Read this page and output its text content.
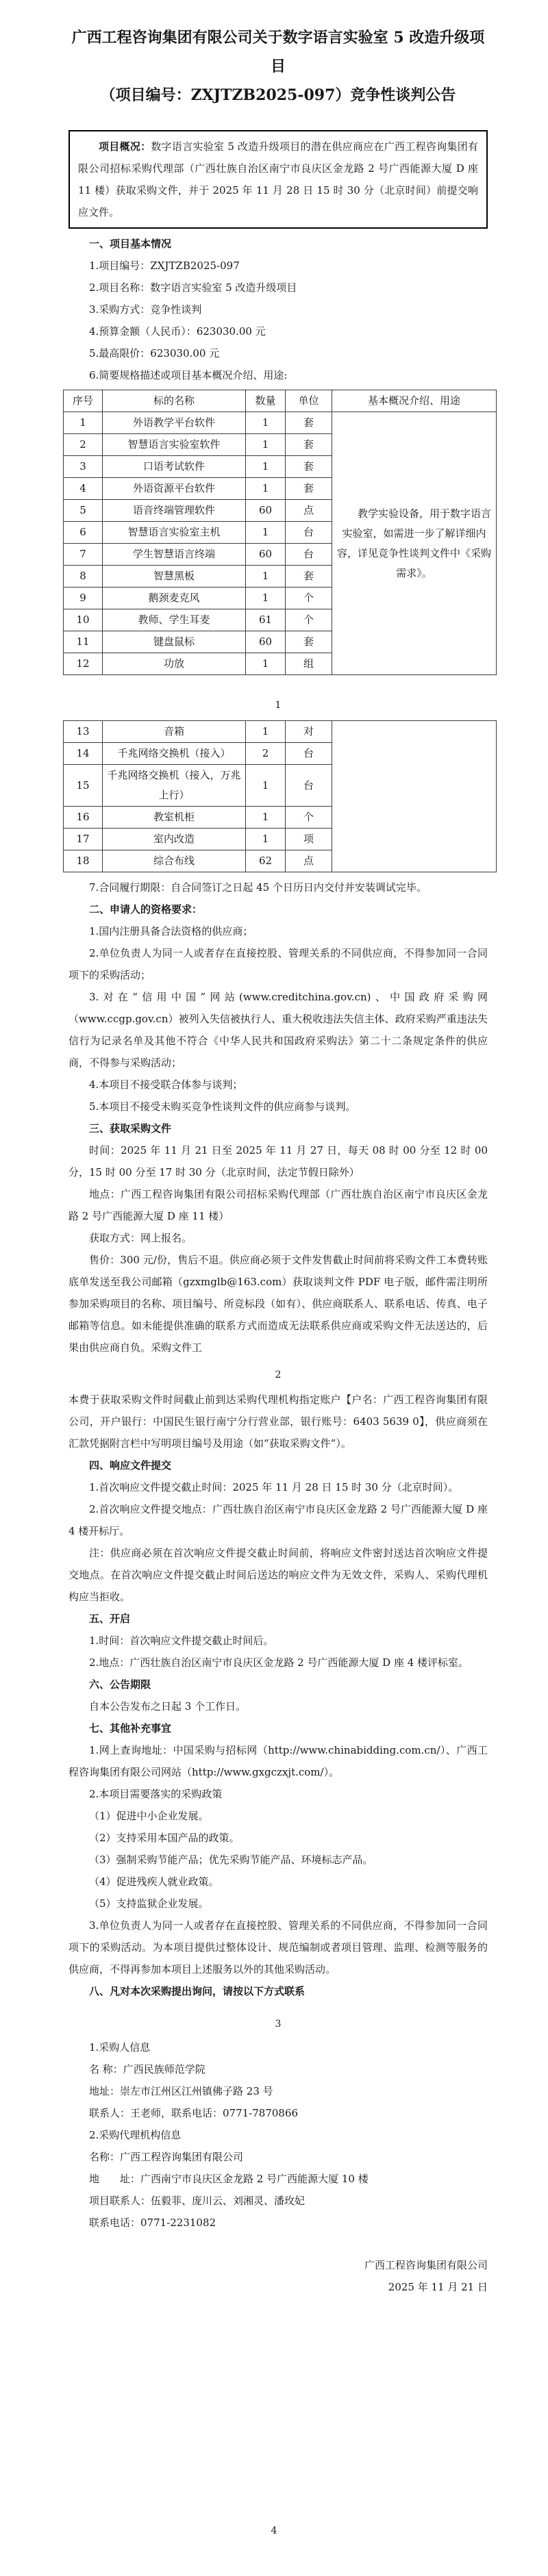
广西工程咨询集团有限公司关于数字语言实验室 5 改造升级项目
（项目编号：ZXJTZB2025-097）竞争性谈判公告

项目概况：数字语言实验室 5 改造升级项目的潜在供应商应在广西工程咨询集团有限公司招标采购代理部（广西壮族自治区南宁市良庆区金龙路 2 号广西能源大厦 D 座 11 楼）获取采购文件，并于 2025 年 11 月 28 日 15 时 30 分（北京时间）前提交响应文件。

一、项目基本情况

1.项目编号：ZXJTZB2025-097

2.项目名称：数字语言实验室 5 改造升级项目

3.采购方式：竞争性谈判

4.预算金额（人民币）：623030.00 元

5.最高限价：623030.00 元

6.简要规格描述或项目基本概况介绍、用途:

序号	标的名称	数量	单位	基本概况介绍、用途
1	外语教学平台软件	1	套	教学实验设备，用于数字语言实验室，如需进一步了解详细内容，详见竞争性谈判文件中《采购需求》。
2	智慧语言实验室软件	1	套	
3	口语考试软件	1	套	
4	外语资源平台软件	1	套	
5	语音终端管理软件	60	点	
6	智慧语言实验室主机	1	台	
7	学生智慧语言终端	60	台	
8	智慧黑板	1	套	
9	鹅颈麦克风	1	个	
10	教师、学生耳麦	61	个	
11	键盘鼠标	60	套	
12	功放	1	组	

1

13	音箱	1	对	
14	千兆网络交换机（接入）	2	台	
15	千兆网络交换机（接入，万兆上行）	1	台	
16	教室机柜	1	个	
17	室内改造	1	项	
18	综合布线	62	点	

7.合同履行期限：自合同签订之日起 45 个日历日内交付并安装调试完毕。

二、申请人的资格要求：

1.国内注册具备合法资格的供应商；

2.单位负责人为同一人或者存在直接控股、管理关系的不同供应商，不得参加同一合同项下的采购活动；

3.对在“信用中国”网站(www.creditchina.gov.cn)、中国政府采购网（www.ccgp.gov.cn）被列入失信被执行人、重大税收违法失信主体、政府采购严重违法失信行为记录名单及其他不符合《中华人民共和国政府采购法》第二十二条规定条件的供应商，不得参与采购活动；

4.本项目不接受联合体参与谈判；

5.本项目不接受未购买竞争性谈判文件的供应商参与谈判。

三、获取采购文件

时间：2025 年 11 月 21 日至 2025 年 11 月 27 日，每天 08 时 00 分至 12 时 00 分，15 时 00 分至 17 时 30 分（北京时间，法定节假日除外）

地点：广西工程咨询集团有限公司招标采购代理部（广西壮族自治区南宁市良庆区金龙路 2 号广西能源大厦 D 座 11 楼）

获取方式：网上报名。

售价：300 元/份，售后不退。供应商必须于文件发售截止时间前将采购文件工本费转账底单发送至我公司邮箱（gzxmglb@163.com）获取谈判文件 PDF 电子版，邮件需注明所参加采购项目的名称、项目编号、所竞标段（如有）、供应商联系人、联系电话、传真、电子邮箱等信息。如未能提供准确的联系方式而造成无法联系供应商或采购文件无法送达的，后果由供应商自负。采购文件工

2

本费于获取采购文件时间截止前到达采购代理机构指定账户【户名：广西工程咨询集团有限公司，开户银行：中国民生银行南宁分行营业部，银行账号：6403 5639 0】，供应商须在汇款凭据附言栏中写明项目编号及用途（如“获取采购文件”）。

四、响应文件提交

1.首次响应文件提交截止时间：2025 年 11 月 28 日 15 时 30 分（北京时间）。

2.首次响应文件提交地点：广西壮族自治区南宁市良庆区金龙路 2 号广西能源大厦 D 座 4 楼开标厅。

注：供应商必须在首次响应文件提交截止时间前，将响应文件密封送达首次响应文件提交地点。在首次响应文件提交截止时间后送达的响应文件为无效文件，采购人、采购代理机构应当拒收。

五、开启

1.时间：首次响应文件提交截止时间后。

2.地点：广西壮族自治区南宁市良庆区金龙路 2 号广西能源大厦 D 座 4 楼评标室。

六、公告期限

自本公告发布之日起 3 个工作日。

七、其他补充事宜

1.网上查询地址：中国采购与招标网（http://www.chinabidding.com.cn/）、广西工程咨询集团有限公司网站（http://www.gxgczxjt.com/）。

2.本项目需要落实的采购政策

（1）促进中小企业发展。

（2）支持采用本国产品的政策。

（3）强制采购节能产品；优先采购节能产品、环境标志产品。

（4）促进残疾人就业政策。

（5）支持监狱企业发展。

3.单位负责人为同一人或者存在直接控股、管理关系的不同供应商，不得参加同一合同项下的采购活动。为本项目提供过整体设计、规范编制或者项目管理、监理、检测等服务的供应商，不得再参加本项目上述服务以外的其他采购活动。

八、凡对本次采购提出询问，请按以下方式联系

3

1.采购人信息

名 称：广西民族师范学院

地址：崇左市江州区江州镇佛子路 23 号

联系人：王老师，联系电话：0771-7870866

2.采购代理机构信息

名称：广西工程咨询集团有限公司

地　　址：广西南宁市良庆区金龙路 2 号广西能源大厦 10 楼

项目联系人：伍毅菲、庞川云、刘湘灵、潘玫妃

联系电话：0771-2231082

广西工程咨询集团有限公司

2025 年 11 月 21 日

4
